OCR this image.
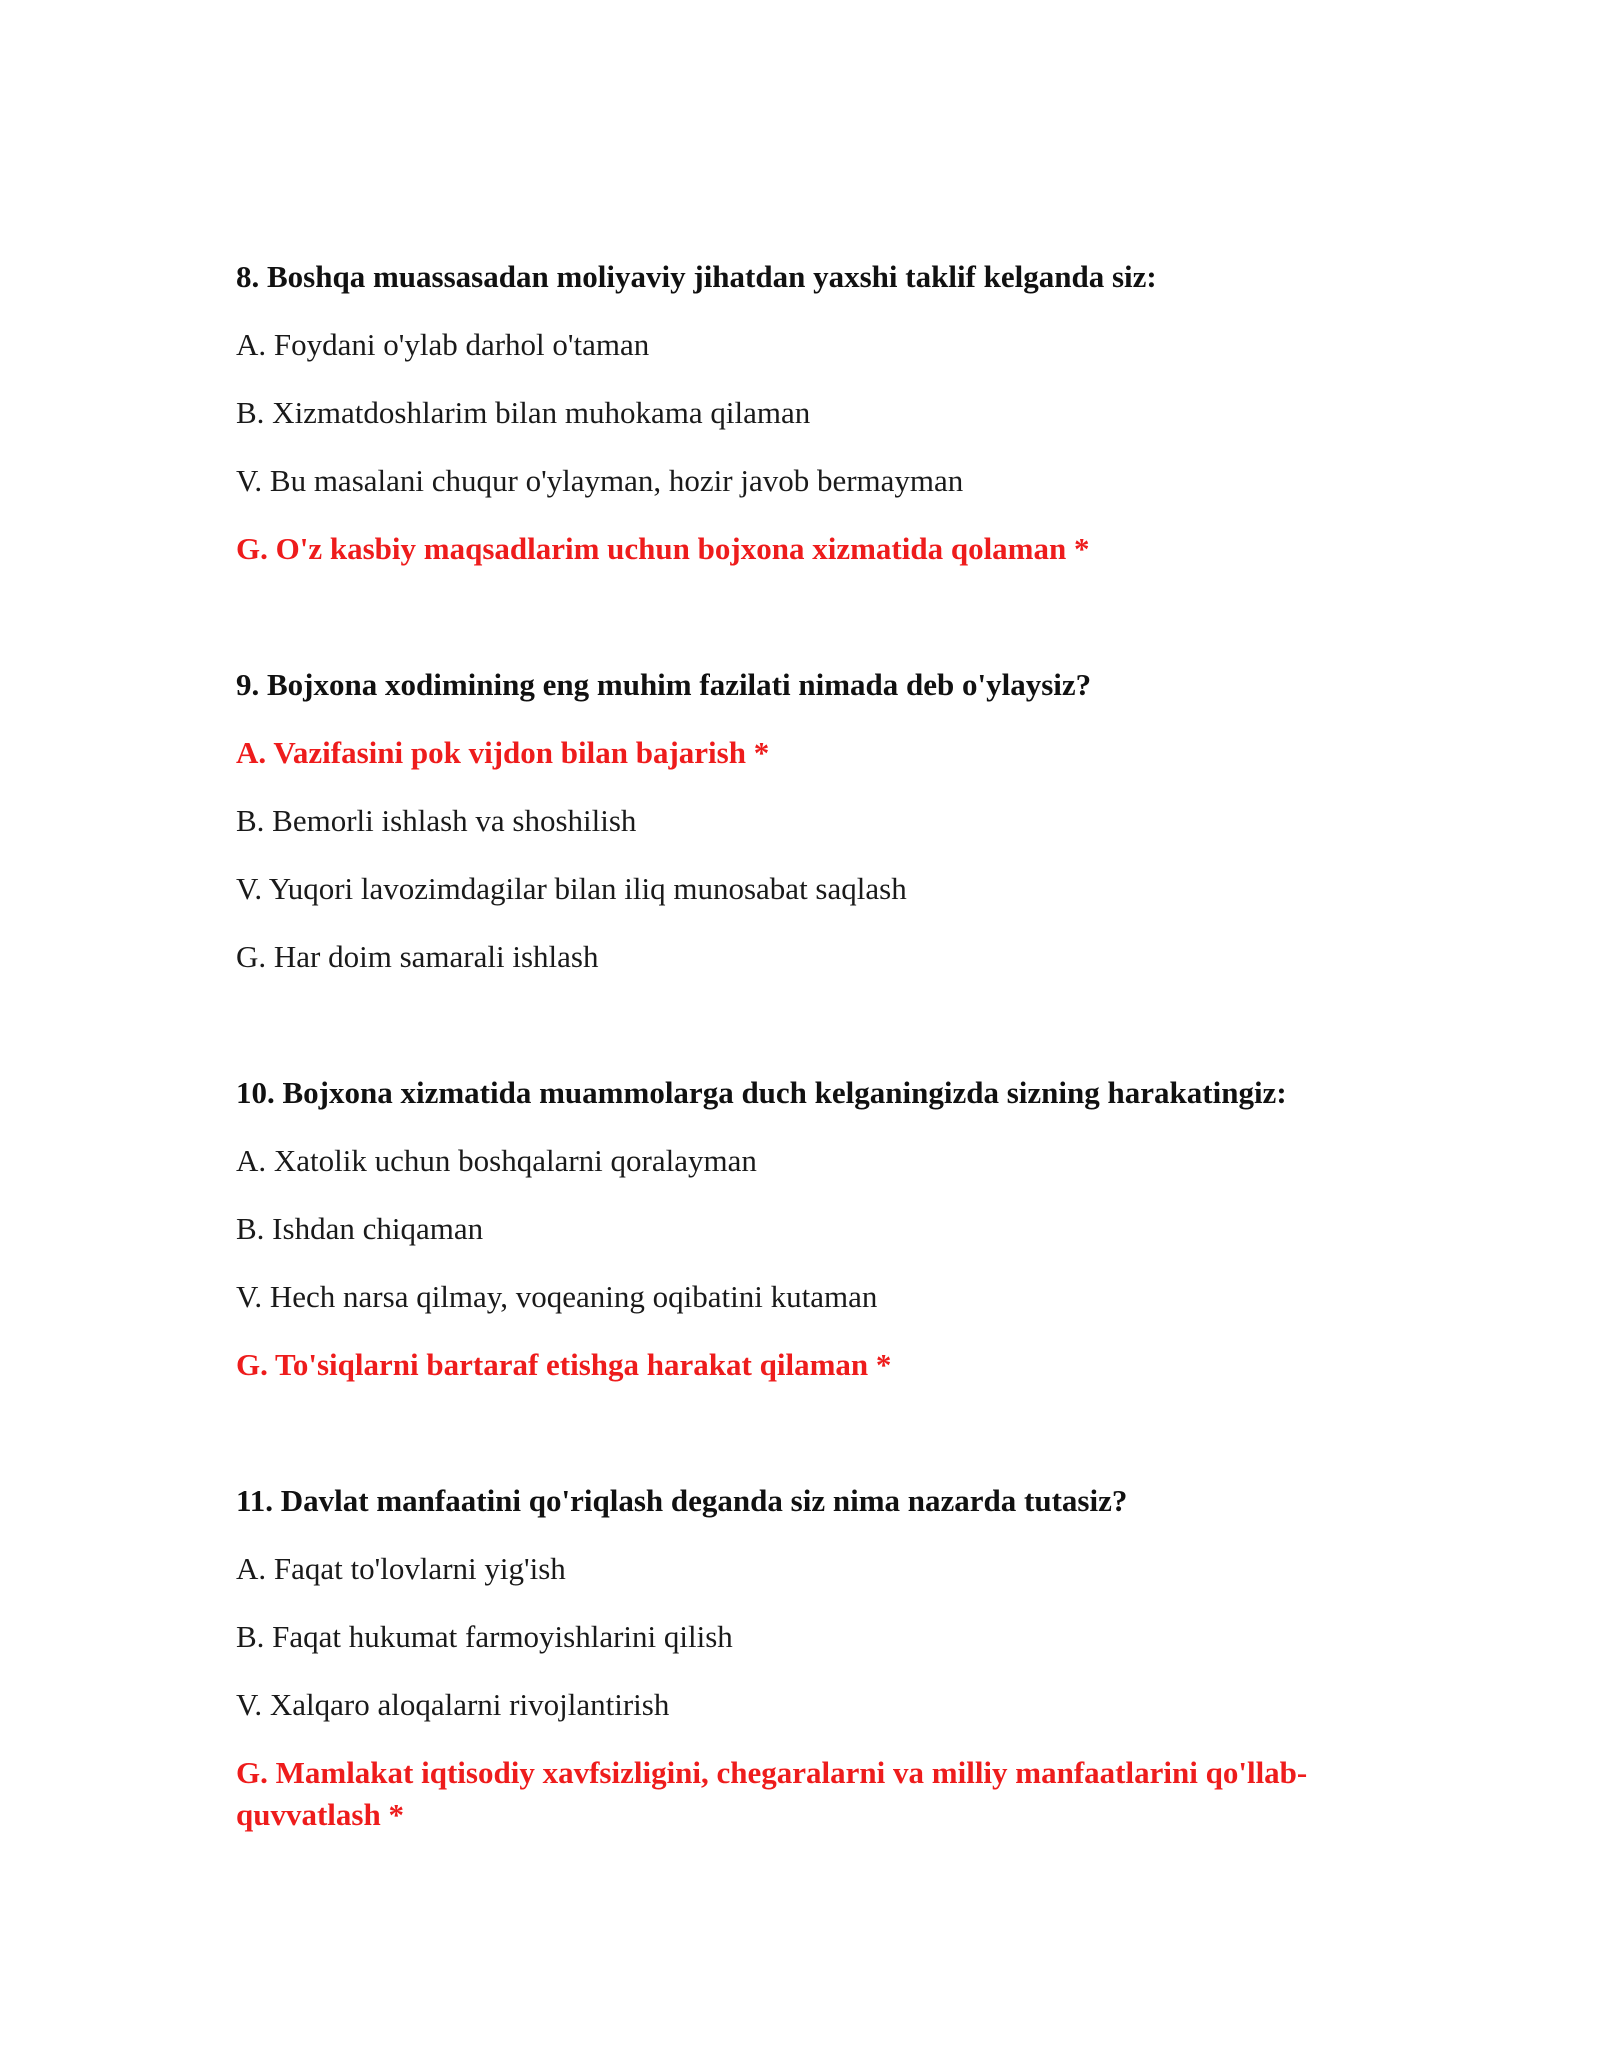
8. Boshqa muassasadan moliyaviy jihatdan yaxshi taklif kelganda siz:

A. Foydani o'ylab darhol o'taman

B. Xizmatdoshlarim bilan muhokama qilaman

V. Bu masalani chuqur o'ylayman, hozir javob bermayman

G. O'z kasbiy maqsadlarim uchun bojxona xizmatida qolaman *

9. Bojxona xodimining eng muhim fazilati nimada deb o'ylaysiz?

A. Vazifasini pok vijdon bilan bajarish *

B. Bemorli ishlash va shoshilish

V. Yuqori lavozimdagilar bilan iliq munosabat saqlash

G. Har doim samarali ishlash

10. Bojxona xizmatida muammolarga duch kelganingizda sizning harakatingiz:

A. Xatolik uchun boshqalarni qoralayman

B. Ishdan chiqaman

V. Hech narsa qilmay, voqeaning oqibatini kutaman

G. To'siqlarni bartaraf etishga harakat qilaman *

11. Davlat manfaatini qo'riqlash deganda siz nima nazarda tutasiz?

A. Faqat to'lovlarni yig'ish

B. Faqat hukumat farmoyishlarini qilish

V. Xalqaro aloqalarni rivojlantirish

G. Mamlakat iqtisodiy xavfsizligini, chegaralarni va milliy manfaatlarini qo'llab-quvvatlash *
